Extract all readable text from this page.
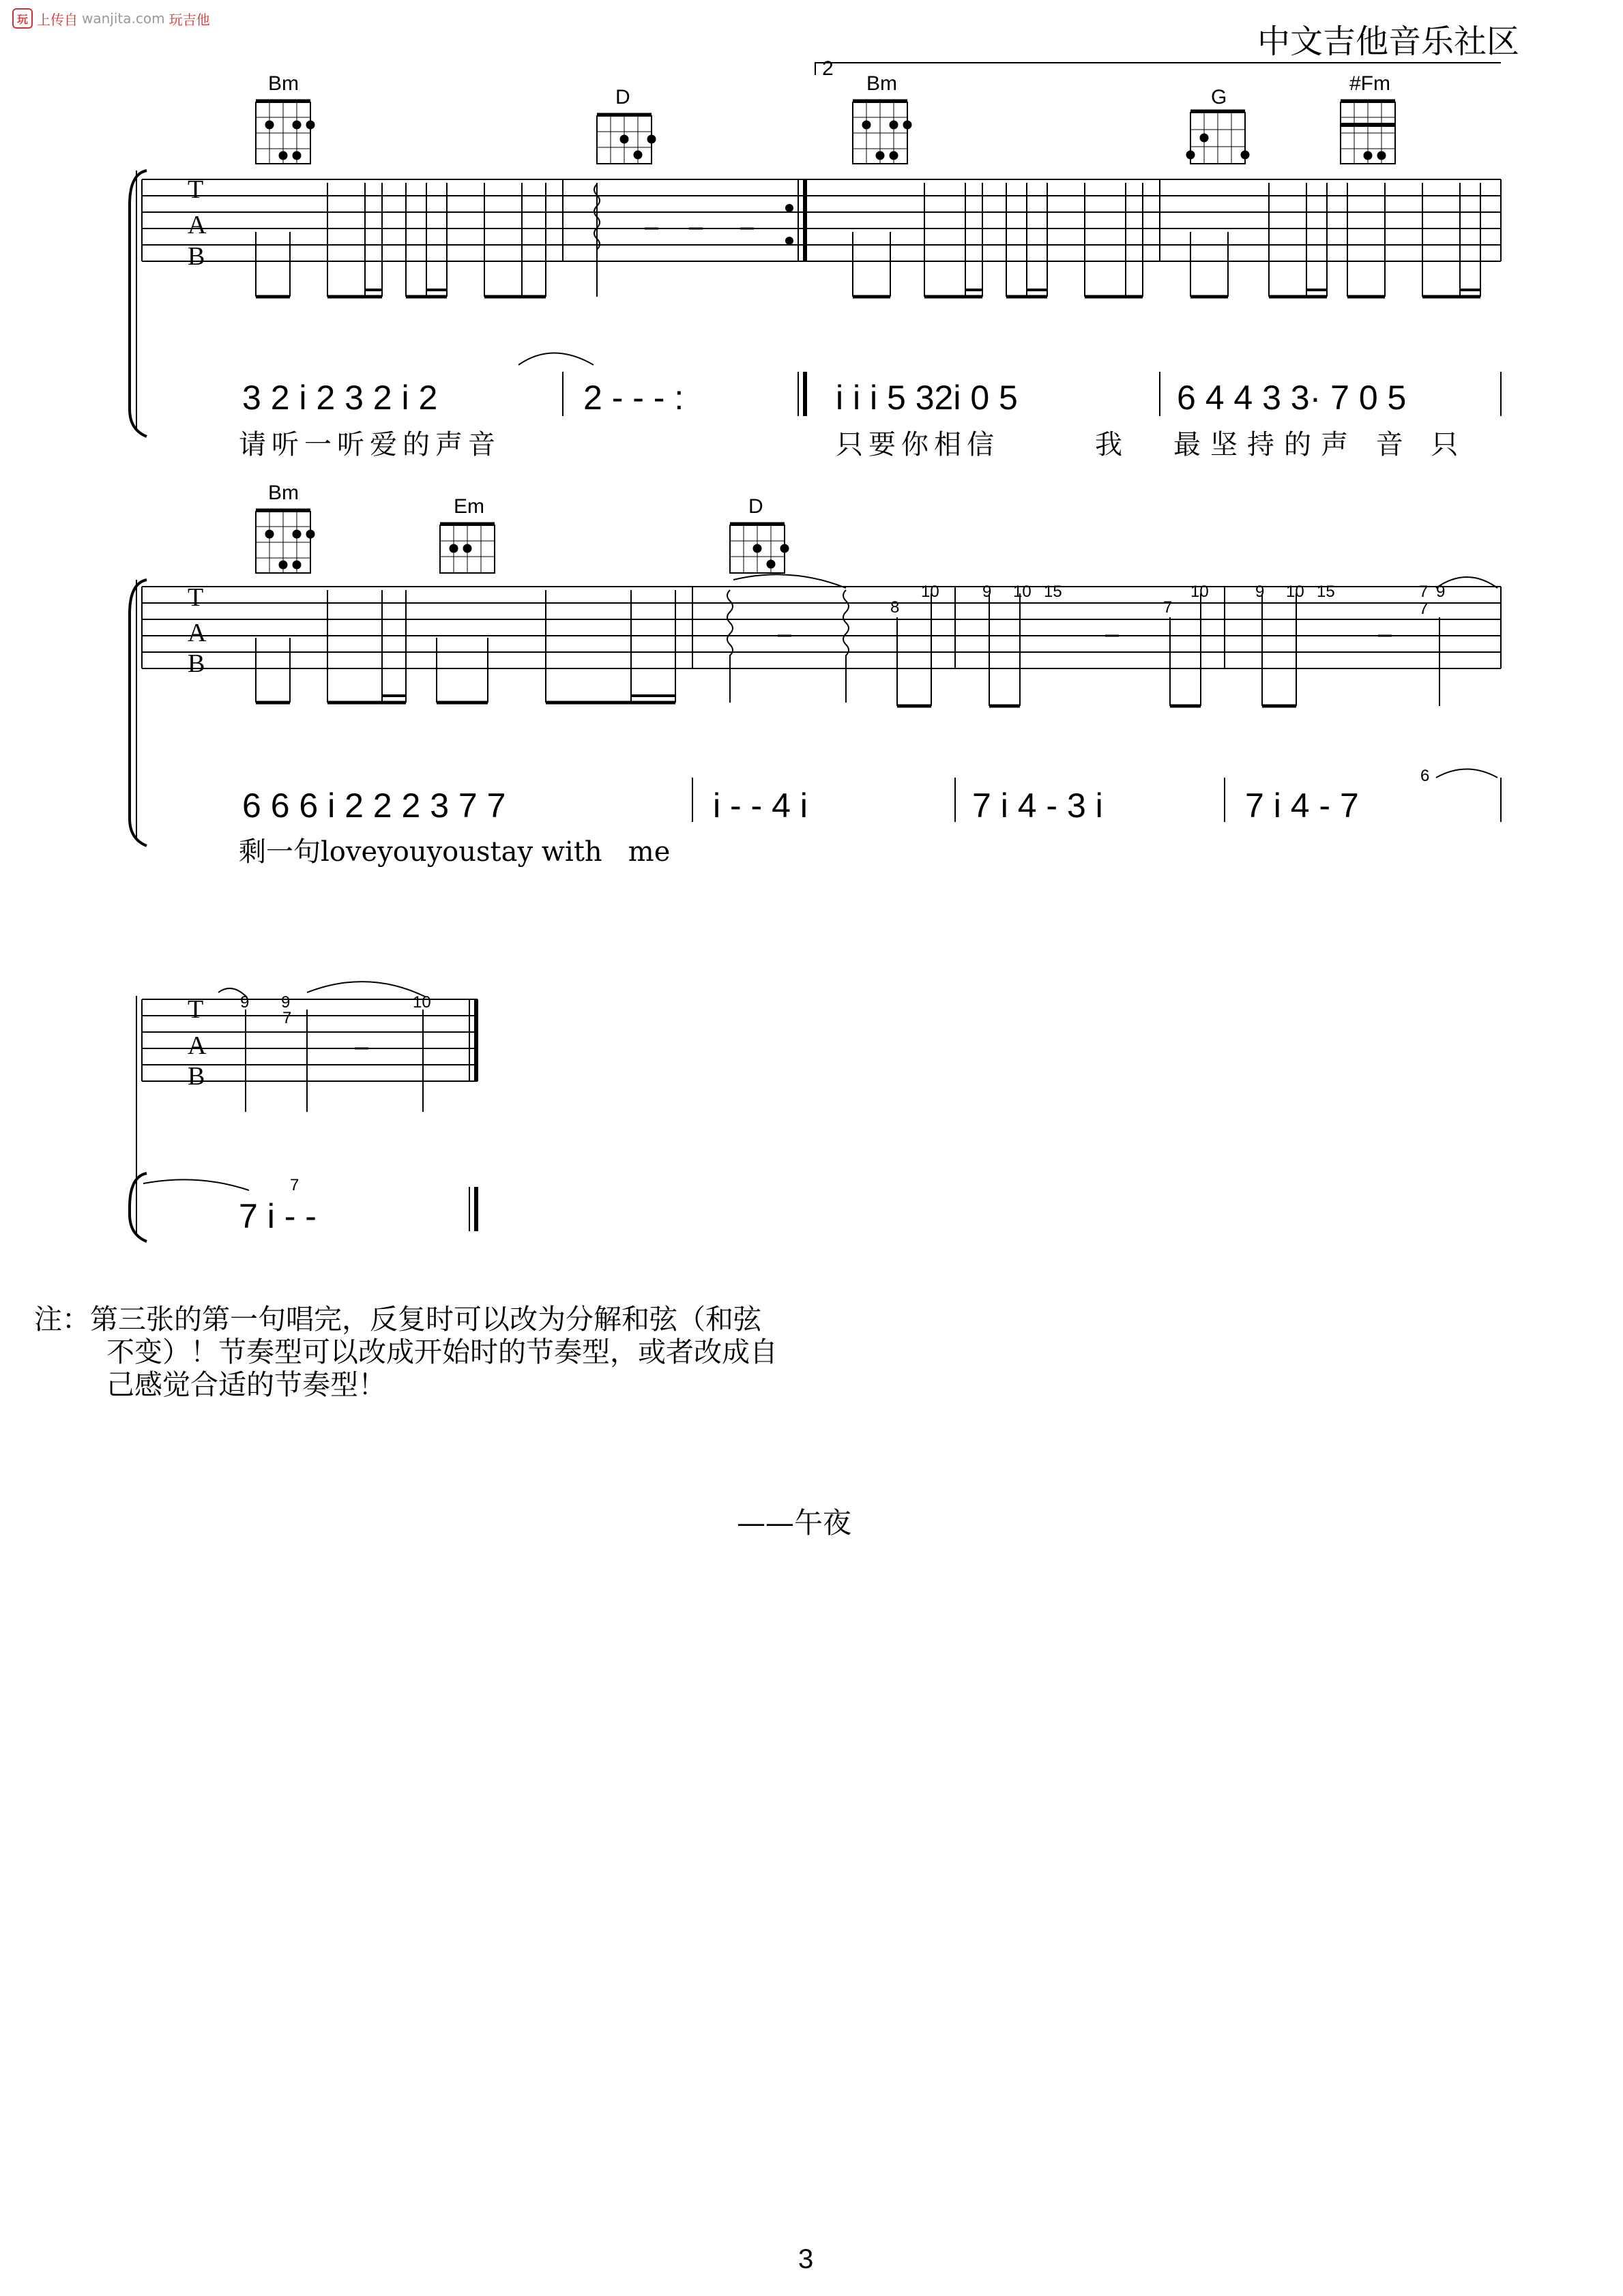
玩 上传自 wanjita.com 玩吉他
中文吉他音乐社区
Bm
D
Bm
G
#Fm
2
T
A
B
3 2 i 2 3 2 i 2	2 - - - :	i i i 5 32i 0 5	6 4 4 3 3· 7 0 5
请听一听爱的声音	只要你相信	我 最坚持的声 音 只
Bm
Em	D
T
A
B
8
10	9 10 15
7
10	9 10 15	7 9
7
6 6 6 i 2 2 2 3 7 7	i - - 4 i	7 i 4 - 3 i	7 i 4 - 7
6
剩一句loveyouyoustay with   me
T
A
B
9 9
7
10
7 i - -
7
注：第三张的第一句唱完，反复时可以改为分解和弦（和弦
不变）！节奏型可以改成开始时的节奏型，或者改成自
己感觉合适的节奏型！
——午夜
3
